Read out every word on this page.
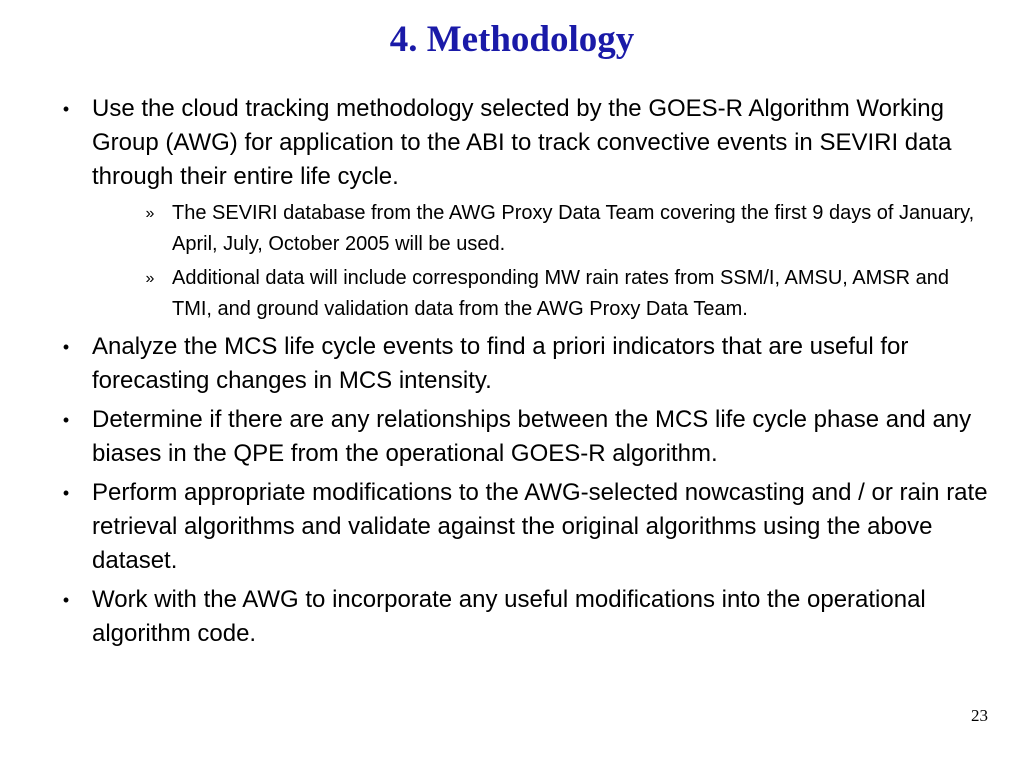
4. Methodology
• Use the cloud tracking methodology selected by the GOES-R Algorithm Working Group (AWG) for application to the ABI to track convective events in SEVIRI data through their entire life cycle.
» The SEVIRI database from the AWG Proxy Data Team covering the first 9 days of January, April, July, October 2005 will be used.
» Additional data will include corresponding MW rain rates from SSM/I, AMSU, AMSR and TMI, and ground validation data from the AWG Proxy Data Team.
• Analyze the MCS life cycle events to find a priori indicators that are useful for forecasting changes in MCS intensity.
• Determine if there are any relationships between the MCS life cycle phase and any biases in the QPE from the operational GOES-R algorithm.
• Perform appropriate modifications to the AWG-selected nowcasting and / or rain rate retrieval algorithms and validate against the original algorithms using the above dataset.
• Work with the AWG to incorporate any useful modifications into the operational algorithm code.
23
